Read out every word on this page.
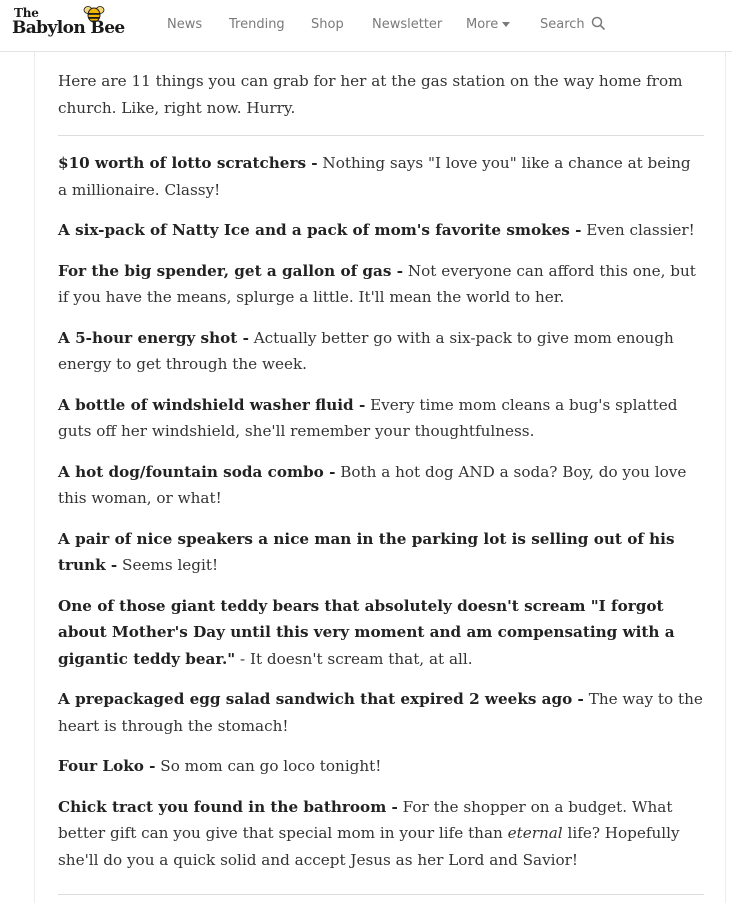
The
Babylon Bee	News Trending Shop Newsletter More	Search

Here are 11 things you can grab for her at the gas station on the way home from church. Like, right now. Hurry.

$10 worth of lotto scratchers - Nothing says "I love you" like a chance at being a millionaire. Classy!

A six-pack of Natty Ice and a pack of mom's favorite smokes - Even classier!

For the big spender, get a gallon of gas - Not everyone can afford this one, but if you have the means, splurge a little. It'll mean the world to her.

A 5-hour energy shot - Actually better go with a six-pack to give mom enough energy to get through the week.

A bottle of windshield washer fluid - Every time mom cleans a bug's splatted guts off her windshield, she'll remember your thoughtfulness.

A hot dog/fountain soda combo - Both a hot dog AND a soda? Boy, do you love this woman, or what!

A pair of nice speakers a nice man in the parking lot is selling out of his trunk - Seems legit!

One of those giant teddy bears that absolutely doesn't scream "I forgot about Mother's Day until this very moment and am compensating with a gigantic teddy bear." - It doesn't scream that, at all.

A prepackaged egg salad sandwich that expired 2 weeks ago - The way to the heart is through the stomach!

Four Loko - So mom can go loco tonight!

Chick tract you found in the bathroom - For the shopper on a budget. What better gift can you give that special mom in your life than eternal life? Hopefully she'll do you a quick solid and accept Jesus as her Lord and Savior!
